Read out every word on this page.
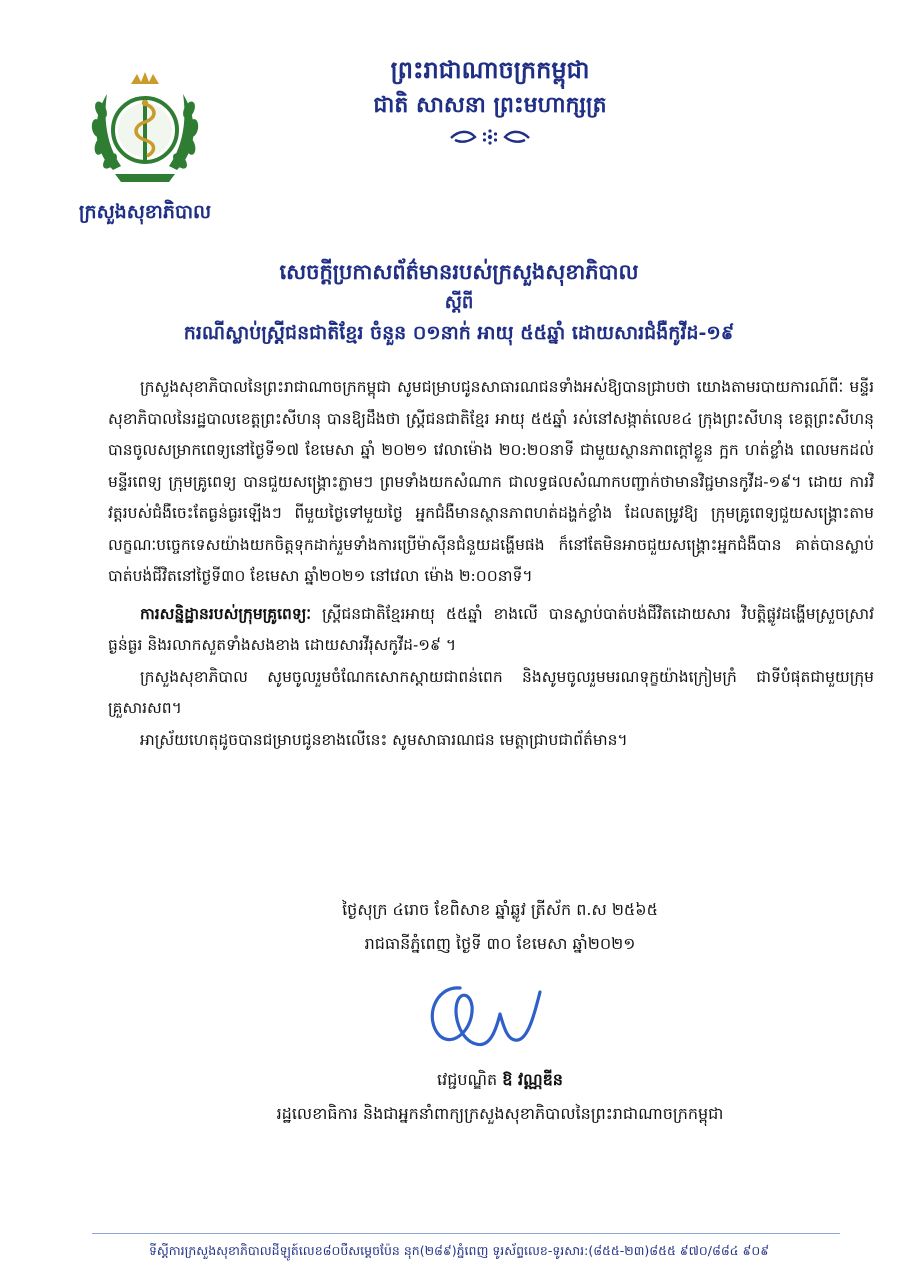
ក្រសួងសុខាភិបាល
ព្រះរាជាណាចក្រកម្ពុជា
ជាតិ សាសនា ព្រះមហាក្សត្រ
សេចក្តីប្រកាសព័ត៌មានរបស់ក្រសួងសុខាភិបាល
ស្តីពី
ករណីស្លាប់ស្ត្រីជនជាតិខ្មែរ ចំនួន ០១នាក់ អាយុ ៥៥ឆ្នាំ ដោយសារជំងឺកូវីដ-១៩

ក្រសួងសុខាភិបាលនៃព្រះរាជាណាចក្រកម្ពុជា សូមជម្រាបជូនសាធារណជនទាំងអស់ឱ្យបានជ្រាបថា យោងតាមរបាយការណ៍ពីៈ មន្ទីរសុខាភិបាលនៃរដ្ឋបាលខេត្តព្រះសីហនុ បានឱ្យដឹងថា ស្ត្រីជនជាតិខ្មែរ អាយុ ៥៥ឆ្នាំ រស់នៅសង្កាត់លេខ៤ ក្រុងព្រះសីហនុ ខេត្តព្រះសីហនុ បានចូលសម្រាកពេទ្យនៅថ្ងៃទី១៧ ខែមេសា ឆ្នាំ ២០២១ វេលាម៉ោង ២០:២០នាទី ជាមួយស្ថានភាពក្តៅខ្លួន ក្អក ហត់ខ្លាំង ពេលមកដល់មន្ទីរពេទ្យ ក្រុមគ្រូពេទ្យ បានជួយសង្គ្រោះភ្លាមៗ ព្រមទាំងយកសំណាក ជាលទ្ធផលសំណាកបញ្ជាក់ថាមានវិជ្ជមានកូវីដ-១៩។ ដោយ ការវិវត្តរបស់ជំងឺចេះតែធ្ងន់ធ្ងរឡើងៗ ពីមួយថ្ងៃទៅមួយថ្ងៃ អ្នកជំងឺមានស្ថានភាពហត់ដង្ហក់ខ្លាំង ដែលតម្រូវឱ្យ ក្រុមគ្រូពេទ្យជួយសង្គ្រោះតាមលក្ខណៈបច្ចេកទេសយ៉ាងយកចិត្តទុកដាក់រួមទាំងការប្រើម៉ាស៊ីនជំនួយដង្ហើមផង ក៏នៅតែមិនអាចជួយសង្គ្រោះអ្នកជំងឺបាន គាត់បានស្លាប់បាត់បង់ជីវិតនៅថ្ងៃទី៣០ ខែមេសា ឆ្នាំ២០២១ នៅវេលា ម៉ោង ២:០០នាទី។

ការសន្និដ្ឋានរបស់ក្រុមគ្រូពេទ្យៈ ស្ត្រីជនជាតិខ្មែរអាយុ ៥៥ឆ្នាំ ខាងលើ បានស្លាប់បាត់បង់ជីវិតដោយសារ វិបត្តិផ្លូវដង្ហើមស្រួចស្រាវធ្ងន់ធ្ងរ និងរលាកសួតទាំងសងខាង ដោយសារវីរុសកូវីដ-១៩ ។

ក្រសួងសុខាភិបាល សូមចូលរួមចំណែកសោកស្តាយជាពន់ពេក និងសូមចូលរួមមរណទុក្ខយ៉ាងក្រៀមក្រំ ជាទីបំផុតជាមួយក្រុមគ្រួសារសព។

អាស្រ័យហេតុដូចបានជម្រាបជូនខាងលើនេះ សូមសាធារណជន មេត្តាជ្រាបជាព័ត៌មាន។

ថ្ងៃសុក្រ ៤រោច ខែពិសាខ ឆ្នាំឆ្លូវ ត្រីស័ក ព.ស ២៥៦៥
រាជធានីភ្នំពេញ ថ្ងៃទី ៣០ ខែមេសា ឆ្នាំ២០២១
វេជ្ជបណ្ឌិត ឱ វណ្ណឌីន
រដ្ឋលេខាធិការ និងជាអ្នកនាំពាក្យក្រសួងសុខាភិបាលនៃព្រះរាជាណាចក្រកម្ពុជា
ទីស្តីការក្រសួងសុខាភិបាលដីឡូត៍លេខ៨០បឺសម្តេចប៉ែន នុក(២៨៩)ភ្នំពេញ ទូរស័ព្ទលេខ-ទូរសារ:(៨៥៥-២៣)៨៥៥ ៩៧០/៨៨៤ ៩០៩
